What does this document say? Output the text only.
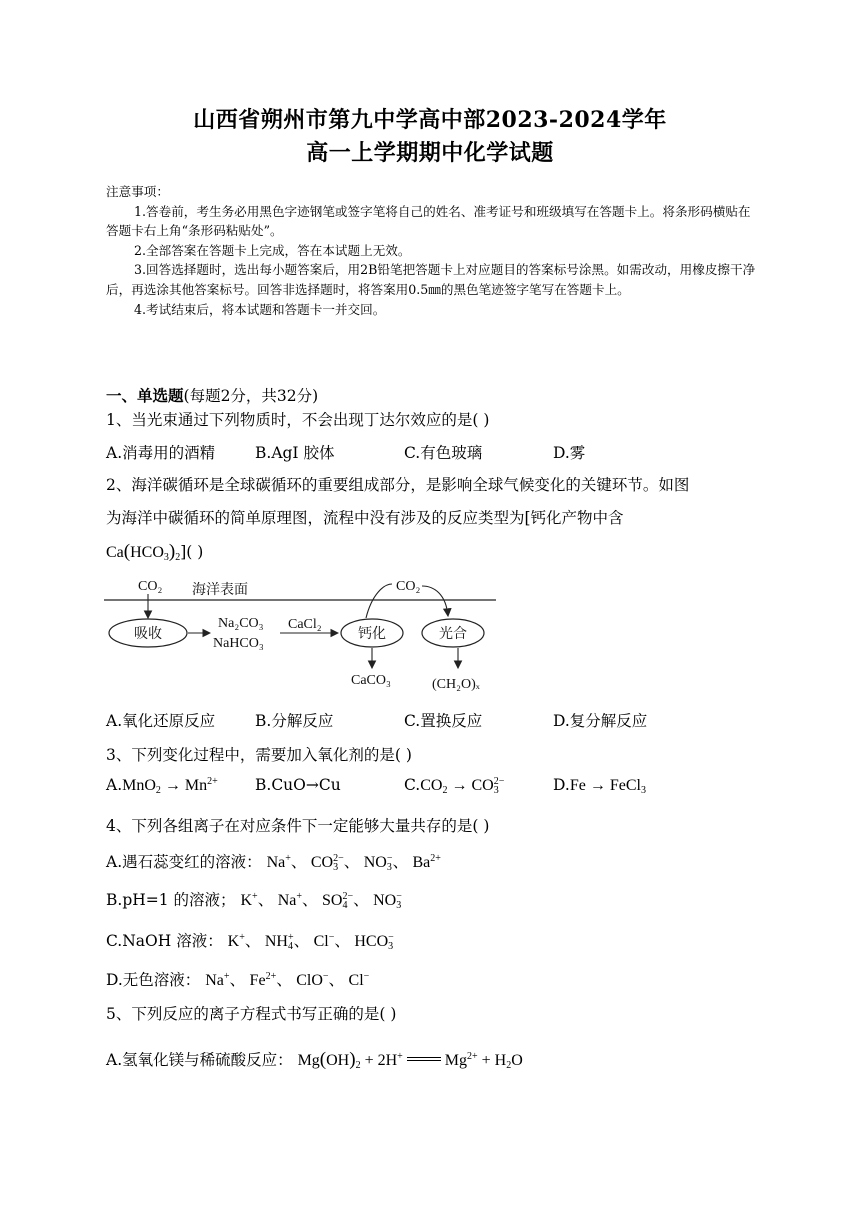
山西省朔州市第九中学高中部2023-2024学年
高一上学期期中化学试题

注意事项：

1.答卷前，考生务必用黑色字迹钢笔或签字笔将自己的姓名、准考证号和班级填写在答题卡上。将条形码横贴在答题卡右上角“条形码粘贴处”。

2.全部答案在答题卡上完成，答在本试题上无效。

3.回答选择题时，选出每小题答案后，用2B铅笔把答题卡上对应题目的答案标号涂黑。如需改动，用橡皮擦干净后，再选涂其他答案标号。回答非选择题时，将答案用0.5㎜的黑色笔迹签字笔写在答题卡上。

4.考试结束后，将本试题和答题卡一并交回。

一、单选题(每题2分，共32分)
1、当光束通过下列物质时，不会出现丁达尔效应的是( )
A.消毒用的酒精	B.AgI 胶体	C.有色玻璃	D.雾
2、海洋碳循环是全球碳循环的重要组成部分，是影响全球气候变化的关键环节。如图
为海洋中碳循环的简单原理图，流程中没有涉及的反应类型为[钙化产物中含
$Ca(HCO_3)_2$]( )
CO₂ 海洋表面
吸收
Na₂CO₃
NaHCO₃
CaCl₂
钙化	光合
CO₂
CaCO₃	(CH₂O)ₓ
A.氧化还原反应	B.分解反应	C.置换反应	D.复分解反应
3、下列变化过程中，需要加入氧化剂的是( )
$A.MnO_2 \to Mn^{2+}$ B.CuO→Cu	$C.CO_2 \to CO_3^{2-}$	D.Fe → FeCl$_3$
4、下列各组离子在对应条件下一定能够大量共存的是( )
A.遇石蕊变红的溶液： Na+、 $CO_3^{2-}$、 $NO_3^-$、 $Ba^{2+}$
B.pH=1 的溶液； K+、 Na+、 $SO_4^{2-}$、 $NO_3^-$
C.NaOH 溶液： K+、 $NH_4^+$、 Cl−、 $HCO_3^-$
D.无色溶液： Na+、 $Fe^{2+}$、 ClO−、 Cl−
5、下列反应的离子方程式书写正确的是( )
A.氢氧化镁与稀硫酸反应： $Mg(OH)_2 + 2H^+$  $Mg^{2+} + H_2O$
